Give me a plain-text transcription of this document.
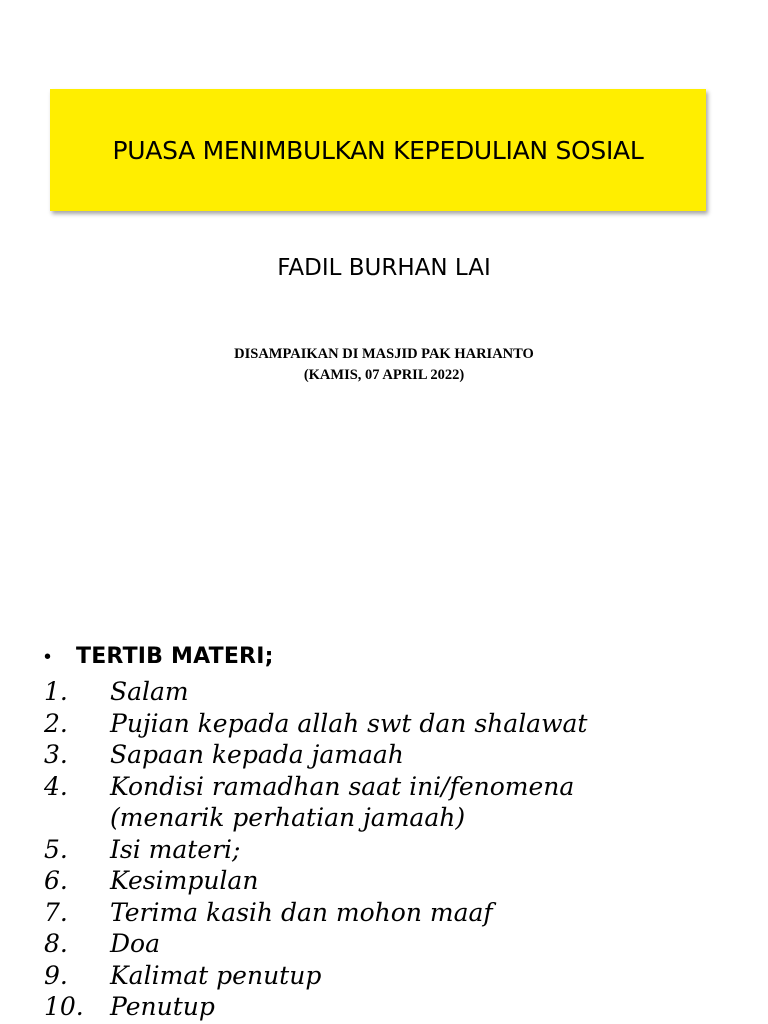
PUASA MENIMBULKAN KEPEDULIAN SOSIAL
FADIL BURHAN LAI
DISAMPAIKAN DI MASJID PAK HARIANTO
(KAMIS, 07 APRIL 2022)
•	TERTIB MATERI;
1.	Salam
2.	Pujian kepada allah swt dan shalawat
3.	Sapaan kepada jamaah
4.	Kondisi ramadhan saat ini/fenomena (menarik perhatian jamaah)
5.	Isi materi;
6.	Kesimpulan
7.	Terima kasih dan mohon maaf
8.	Doa
9.	Kalimat penutup
10.	Penutup
